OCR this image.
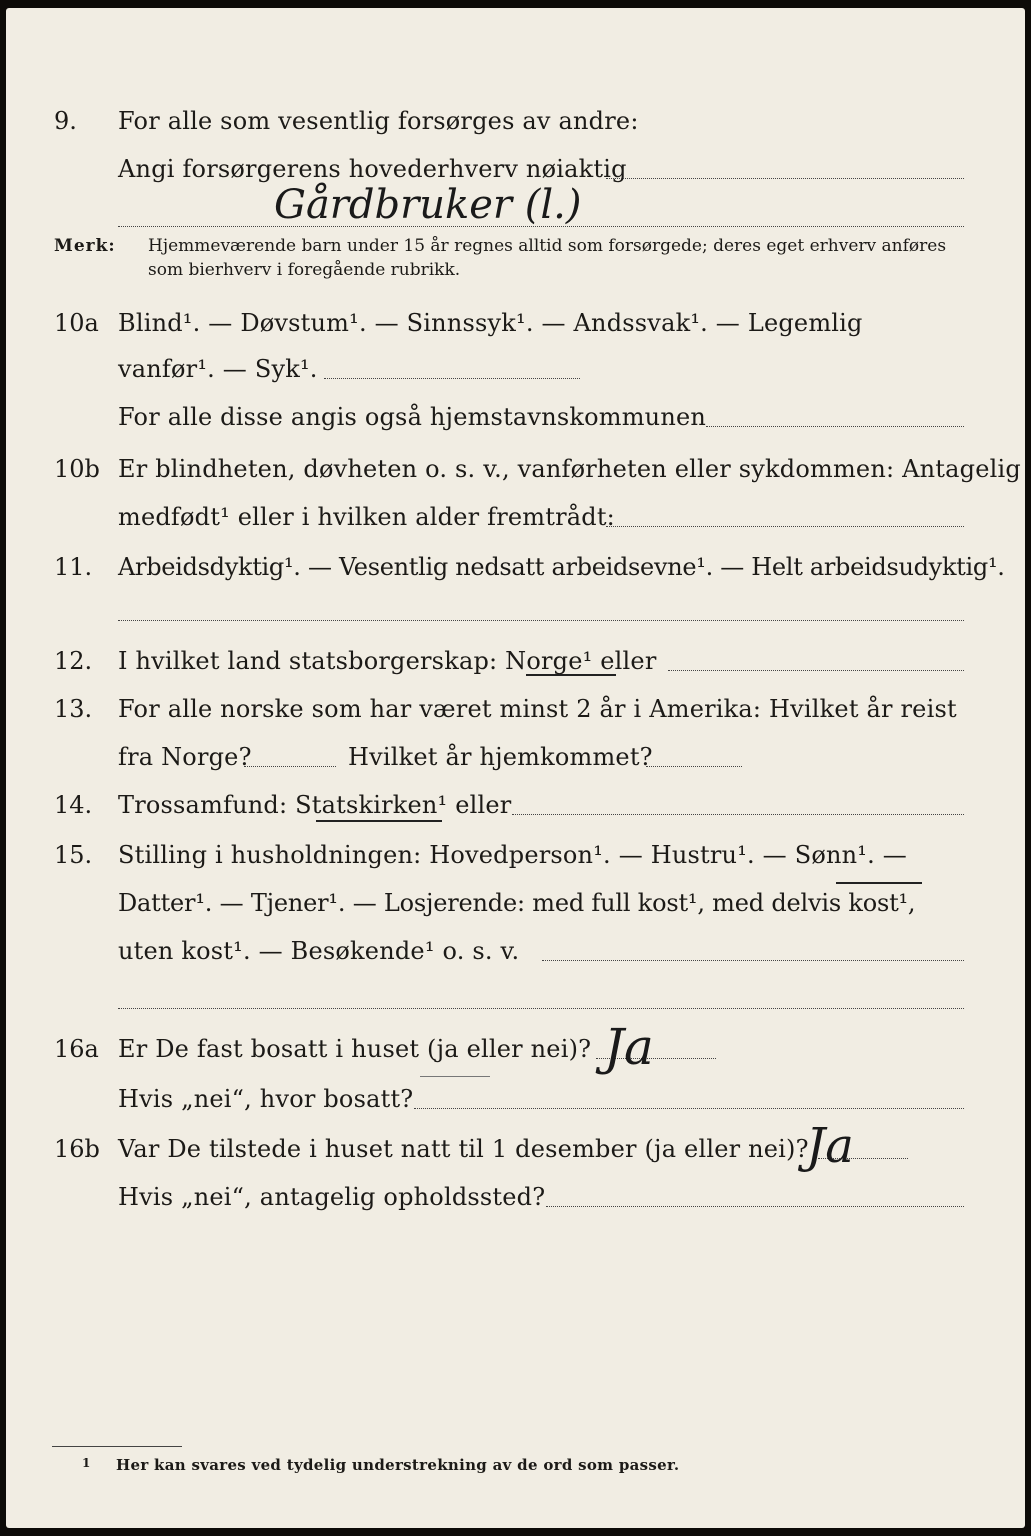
9. For alle som vesentlig forsørges av andre:
Angi forsørgerens hovederhverv nøiaktig
Gårdbruker (l.)
Merk: Hjemmeværende barn under 15 år regnes alltid som forsørgede; deres eget erhverv anføres som bierhverv i foregående rubrikk.
10a Blind¹. — Døvstum¹. — Sinnssyk¹. — Andssvak¹. — Legemlig
vanfør¹. — Syk¹.
For alle disse angis også hjemstavnskommunen
10b Er blindheten, døvheten o. s. v., vanførheten eller sykdommen: Antagelig
medfødt¹ eller i hvilken alder fremtrådt:
11. Arbeidsdyktig¹. — Vesentlig nedsatt arbeidsevne¹. — Helt arbeidsudyktig¹.
12. I hvilket land statsborgerskap: Norge¹ eller
13. For alle norske som har været minst 2 år i Amerika: Hvilket år reist
fra Norge?	Hvilket år hjemkommet?
14. Trossamfund: Statskirken¹ eller
15. Stilling i husholdningen: Hovedperson¹. — Hustru¹. — Sønn¹. —
Datter¹. — Tjener¹. — Losjerende: med full kost¹, med delvis kost¹,
uten kost¹. — Besøkende¹ o. s. v.
16a Er De fast bosatt i huset (ja eller nei)? Ja
Hvis „nei“, hvor bosatt?
16b Var De tilstede i huset natt til 1 desember (ja eller nei)?
Ja
Hvis „nei“, antagelig opholdssted?
1 Her kan svares ved tydelig understrekning av de ord som passer.
